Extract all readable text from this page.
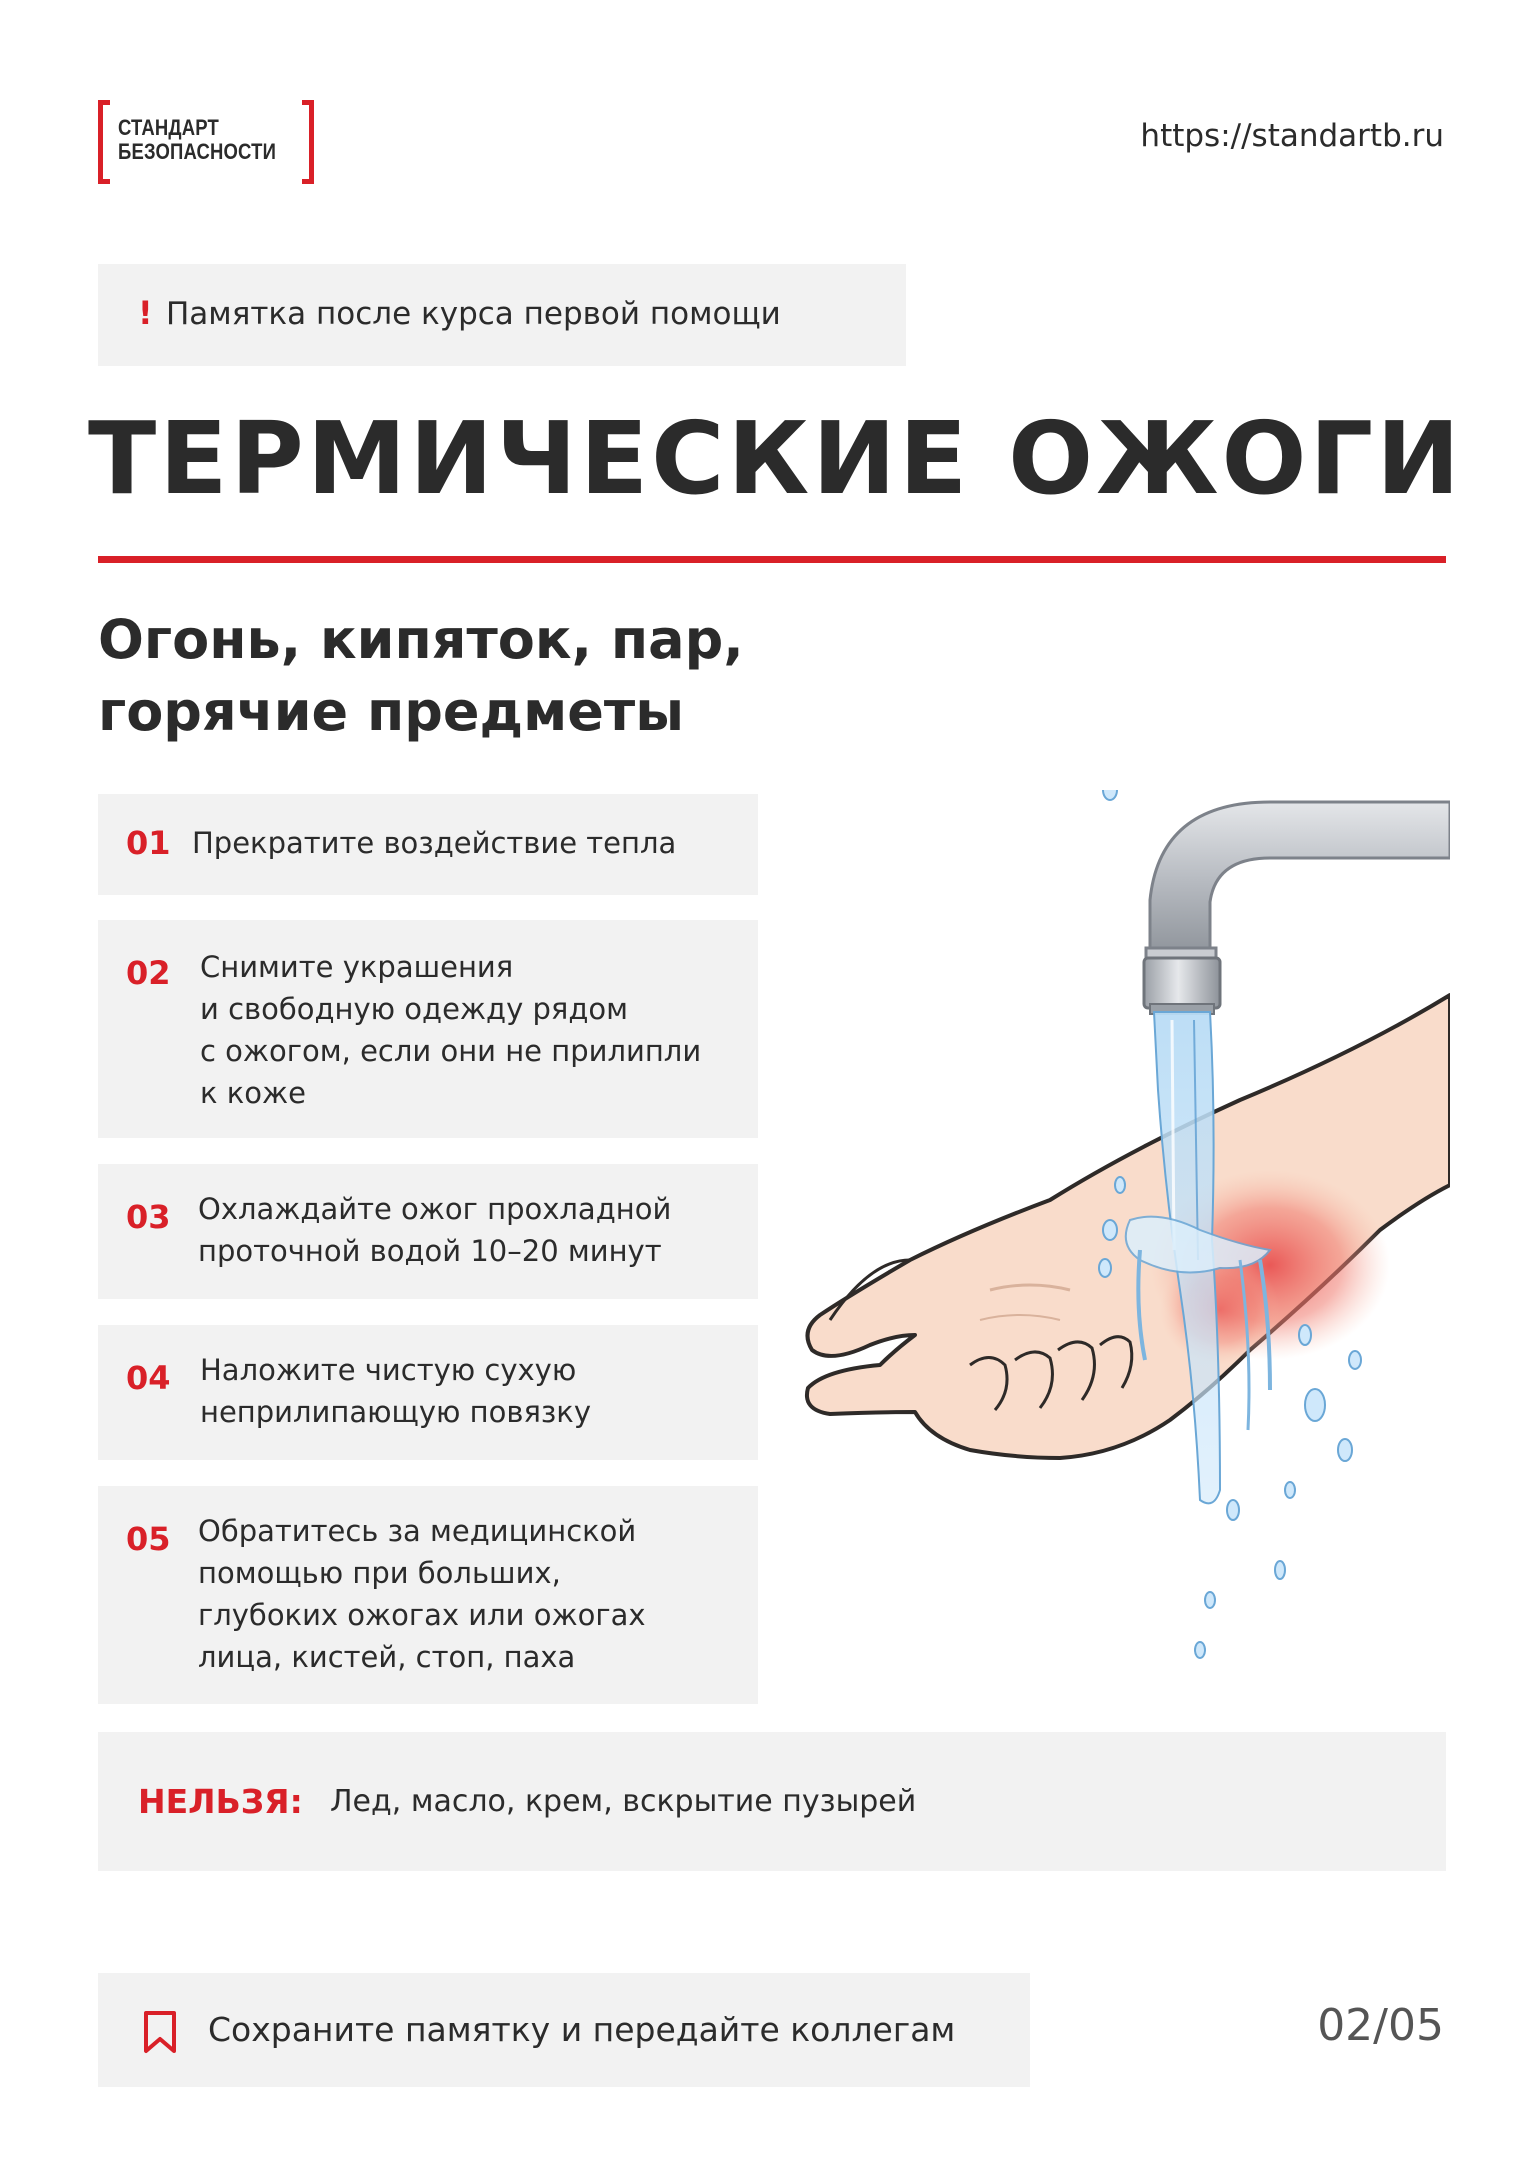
СТАНДАРТ
БЕЗОПАСНОСТИ	https://standartb.ru
! Памятка после курса первой помощи
ТЕРМИЧЕСКИЕ ОЖОГИ
Огонь, кипяток, пар,
горячие предметы
01 Прекратите воздействие тепла
02 Снимите украшения
и свободную одежду рядом
с ожогом, если они не прилипли
к коже
03 Охлаждайте ожог прохладной
проточной водой 10–20 минут
04 Наложите чистую сухую
неприлипающую повязку
05 Обратитесь за медицинской
помощью при больших,
глубоких ожогах или ожогах
лица, кистей, стоп, паха
НЕЛЬЗЯ: Лед, масло, крем, вскрытие пузырей
Сохраните памятку и передайте коллегам	02/05
